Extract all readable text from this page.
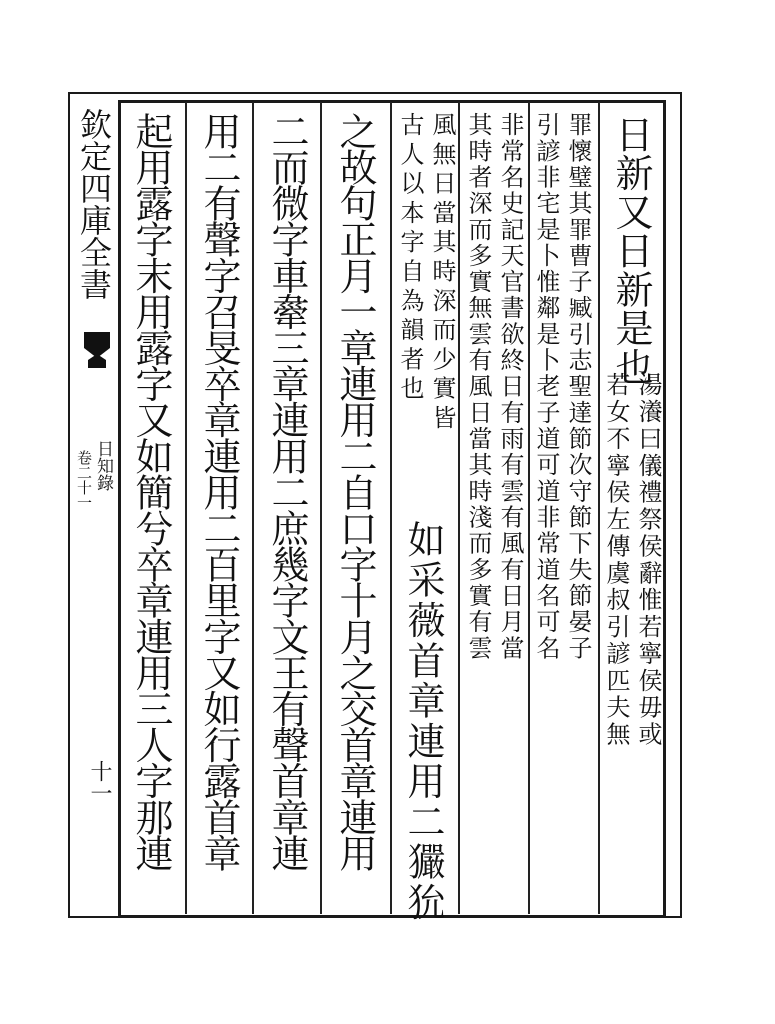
欽定四庫全書
日知錄
卷二十一
十一
日新又日新是也
湯瀁曰儀禮祭侯辭惟若寧侯毋或
若女不寧侯左傳虞叔引諺匹夫無
罪懷璧其罪曹子臧引志聖達節次守節下失節晏子
引諺非宅是卜惟鄰是卜老子道可道非常道名可名
非常名史記天官書欲終日有雨有雲有風有日月當
其時者深而多實無雲有風日當其時淺而多實有雲
風無日當其時深而少實皆
古人以本字自為韻者也
如采薇首章連用二玁狁
之故句正月一章連用二自口字十月之交首章連用
二而微字車舝三章連用二庶幾字文王有聲首章連
用二有聲字召旻卒章連用二百里字又如行露首章
起用露字末用露字又如簡兮卒章連用三人字那連
